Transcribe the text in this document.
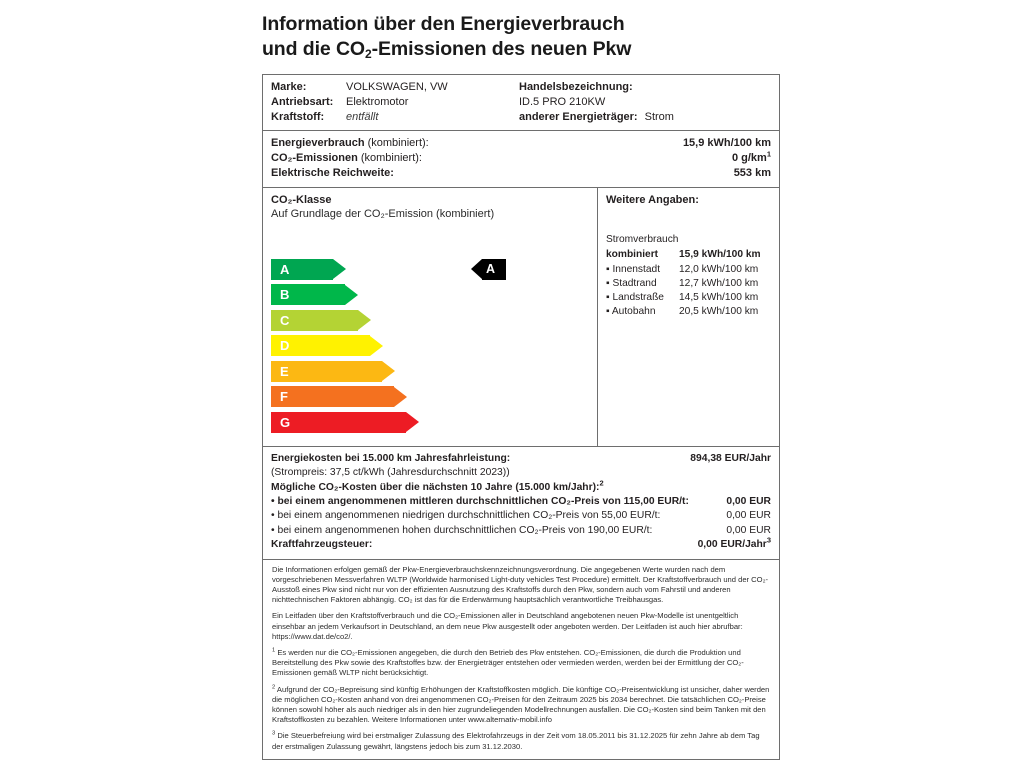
Information über den Energieverbrauch
und die $CO_2$-Emissionen des neuen Pkw
Marke:	VOLKSWAGEN, VW	Handelsbezeichnung:
Antriebsart:	Elektromotor	ID.5 PRO 210KW
Kraftstoff:	entfällt	anderer Energieträger: Strom
Energieverbrauch (kombiniert):	15,9 kWh/100 km
CO₂-Emissionen (kombiniert):	0 g/km$^1$
Elektrische Reichweite:	553 km
CO₂-Klasse
Auf Grundlage der CO₂-Emission (kombiniert)
A	A
B
C
D
E
F
G
Weitere Angaben:
Stromverbrauch
kombiniert	15,9 kWh/100 km
▪ Innenstadt	12,0 kWh/100 km
▪ Stadtrand	12,7 kWh/100 km
▪ Landstraße	14,5 kWh/100 km
▪ Autobahn	20,5 kWh/100 km
Energiekosten bei 15.000 km Jahresfahrleistung:	894,38 EUR/Jahr
(Strompreis: 37,5 ct/kWh (Jahresdurchschnitt 2023))
Mögliche CO₂-Kosten über die nächsten 10 Jahre (15.000 km/Jahr):$^2$
• bei einem angenommenen mittleren durchschnittlichen CO₂-Preis von 115,00 EUR/t:	0,00 EUR
• bei einem angenommenen niedrigen durchschnittlichen CO₂-Preis von 55,00 EUR/t:	0,00 EUR
• bei einem angenommenen hohen durchschnittlichen CO₂-Preis von 190,00 EUR/t:	0,00 EUR
Kraftfahrzeugsteuer:	0,00 EUR/Jahr$^3$

Die Informationen erfolgen gemäß der Pkw-Energieverbrauchskennzeichnungsverordnung. Die angegebenen Werte wurden nach dem vorgeschriebenen Messverfahren WLTP (Worldwide harmonised Light-duty vehicles Test Procedure) ermittelt. Der Kraftstoffverbrauch und der CO₂-Ausstoß eines Pkw sind nicht nur von der effizienten Ausnutzung des Kraftstoffs durch den Pkw, sondern auch vom Fahrstil und anderen nichttechnischen Faktoren abhängig. CO₂ ist das für die Erderwärmung hauptsächlich verantwortliche Treibhausgas.

Ein Leitfaden über den Kraftstoffverbrauch und die CO₂-Emissionen aller in Deutschland angebotenen neuen Pkw-Modelle ist unentgeltlich einsehbar an jedem Verkaufsort in Deutschland, an dem neue Pkw ausgestellt oder angeboten werden. Der Leitfaden ist auch hier abrufbar: https://www.dat.de/co2/.

$^1$ Es werden nur die CO₂-Emissionen angegeben, die durch den Betrieb des Pkw entstehen. CO₂-Emissionen, die durch die Produktion und Bereitstellung des Pkw sowie des Kraftstoffes bzw. der Energieträger entstehen oder vermieden werden, werden bei der Ermittlung der CO₂-Emissionen gemäß WLTP nicht berücksichtigt.

$^2$ Aufgrund der CO₂-Bepreisung sind künftig Erhöhungen der Kraftstoffkosten möglich. Die künftige CO₂-Preisentwicklung ist unsicher, daher werden die möglichen CO₂-Kosten anhand von drei angenommenen CO₂-Preisen für den Zeitraum 2025 bis 2034 berechnet. Die tatsächlichen CO₂-Preise können sowohl höher als auch niedriger als in den hier zugrundeliegenden Modellrechnungen ausfallen. Die CO₂-Kosten sind beim Tanken mit den Kraftstoffkosten zu bezahlen. Weitere Informationen unter www.alternativ-mobil.info

$^3$ Die Steuerbefreiung wird bei erstmaliger Zulassung des Elektrofahrzeugs in der Zeit vom 18.05.2011 bis 31.12.2025 für zehn Jahre ab dem Tag der erstmaligen Zulassung gewährt, längstens jedoch bis zum 31.12.2030.
